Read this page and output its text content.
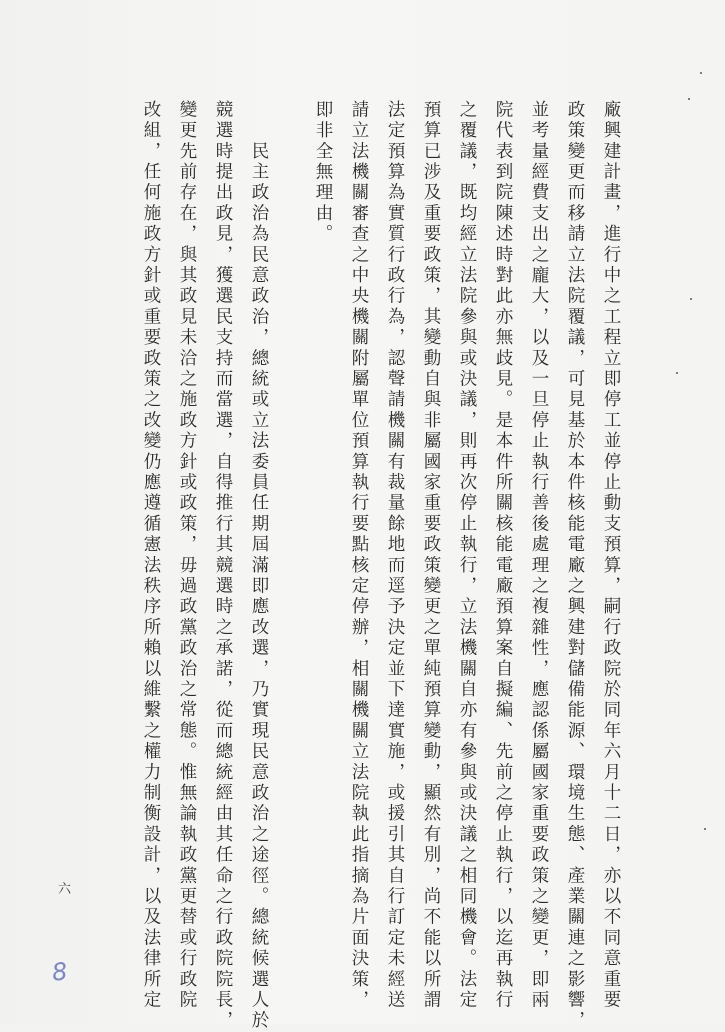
廠興建計畫，進行中之工程立即停工並停止動支預算，嗣行政院於同年六月十二日，亦以不同意重要
政策變更而移請立法院覆議，可見基於本件核能電廠之興建對儲備能源、環境生態、產業關連之影響，
並考量經費支出之龐大，以及一旦停止執行善後處理之複雜性，應認係屬國家重要政策之變更，即兩
院代表到院陳述時對此亦無歧見。是本件所關核能電廠預算案自擬編、先前之停止執行，以迄再執行
之覆議，既均經立法院參與或決議，則再次停止執行，立法機關自亦有參與或決議之相同機會。法定
預算已涉及重要政策，其變動自與非屬國家重要政策變更之單純預算變動，顯然有別，尚不能以所謂
法定預算為實質行政行為，認聲請機關有裁量餘地而逕予決定並下達實施，或援引其自行訂定未經送
請立法機關審查之中央機關附屬單位預算執行要點核定停辦，相關機關立法院執此指摘為片面決策，
即非全無理由。
　　民主政治為民意政治，總統或立法委員任期屆滿即應改選，乃實現民意政治之途徑。總統候選人於
競選時提出政見，獲選民支持而當選，自得推行其競選時之承諾，從而總統經由其任命之行政院院長，
變更先前存在，與其政見未洽之施政方針或政策，毋過政黨政治之常態。惟無論執政黨更替或行政院
改組，任何施政方針或重要政策之改變仍應遵循憲法秩序所賴以維繫之權力制衡設計，以及法律所定
六
8
